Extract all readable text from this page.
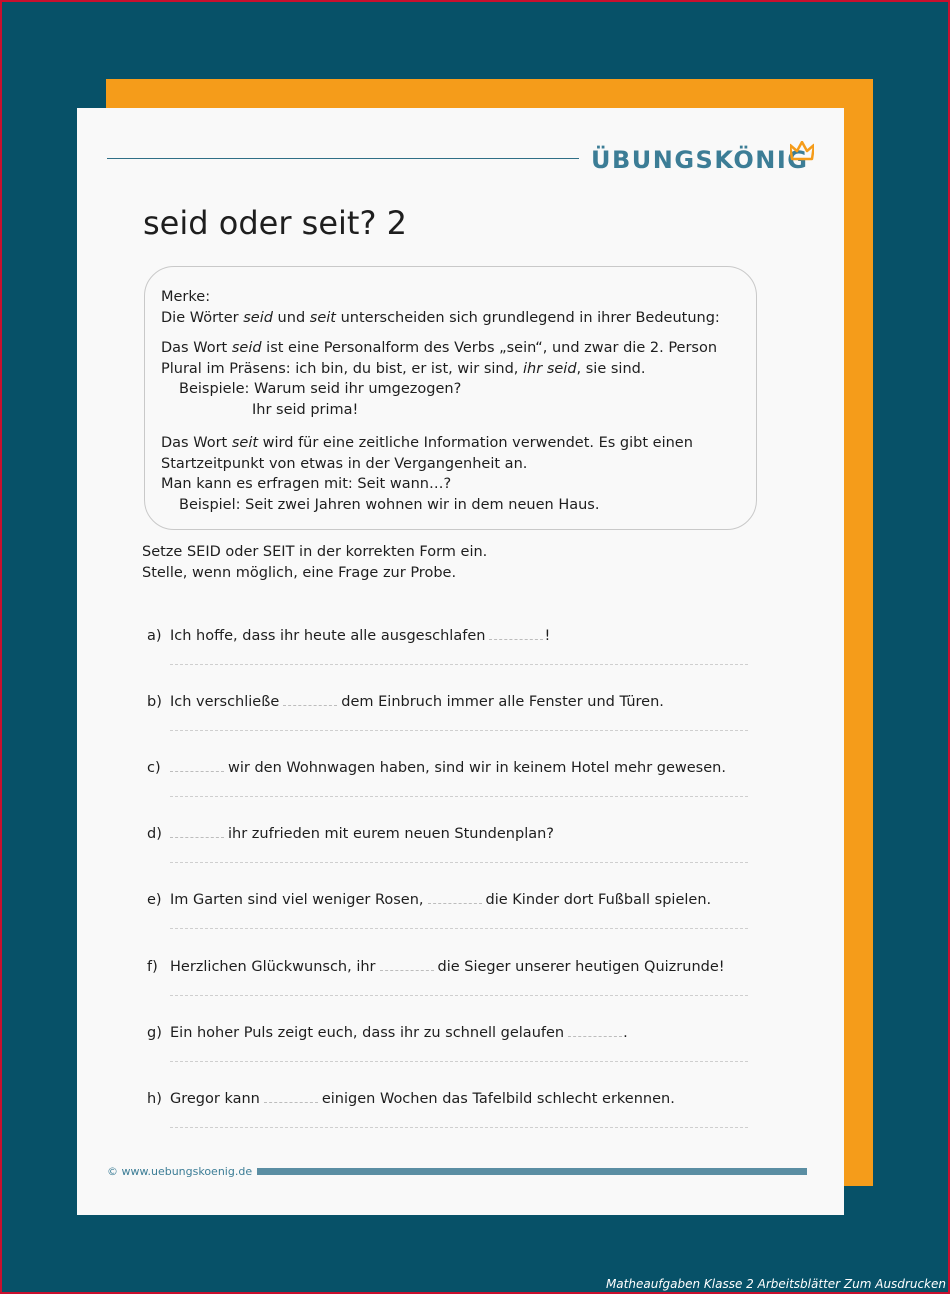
ÜBUNGSKÖNIG
seid oder seit? 2

Merke:

Die Wörter seid und seit unterscheiden sich grundlegend in ihrer Bedeutung:

Das Wort seid ist eine Personalform des Verbs „sein“, und zwar die 2. Person

Plural im Präsens: ich bin, du bist, er ist, wir sind, ihr seid, sie sind.

Beispiele: Warum seid ihr umgezogen?

Ihr seid prima!

Das Wort seit wird für eine zeitliche Information verwendet. Es gibt einen

Startzeitpunkt von etwas in der Vergangenheit an.

Man kann es erfragen mit: Seit wann…?

Beispiel: Seit zwei Jahren wohnen wir in dem neuen Haus.

Setze SEID oder SEIT in der korrekten Form ein.
Stelle, wenn möglich, eine Frage zur Probe.
a) Ich hoffe, dass ihr heute alle ausgeschlafen	!
b) Ich verschließe	dem Einbruch immer alle Fenster und Türen.
c)	wir den Wohnwagen haben, sind wir in keinem Hotel mehr gewesen.
d)	ihr zufrieden mit eurem neuen Stundenplan?
e) Im Garten sind viel weniger Rosen,	die Kinder dort Fußball spielen.
f) Herzlichen Glückwunsch, ihr	die Sieger unserer heutigen Quizrunde!
g) Ein hoher Puls zeigt euch, dass ihr zu schnell gelaufen	.
h) Gregor kann	einigen Wochen das Tafelbild schlecht erkennen.
© www.uebungskoenig.de
Matheaufgaben Klasse 2 Arbeitsblätter Zum Ausdrucken
